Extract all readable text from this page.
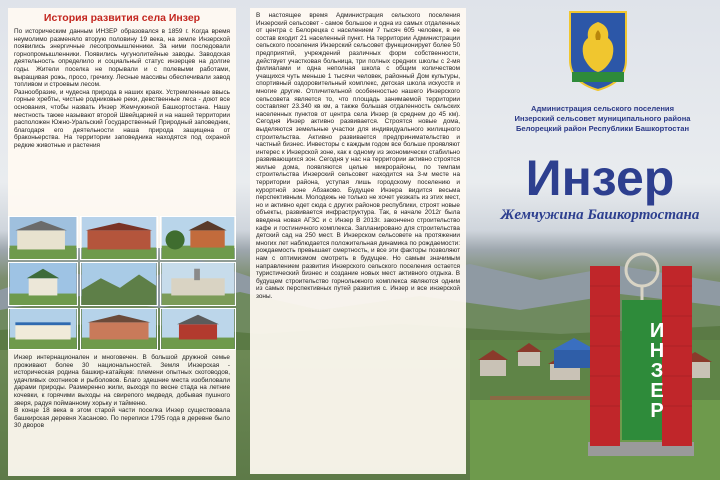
История развития села Инзер

По историческим данным ИНЗЕР образовался в 1859 г. Когда время неумолимо разменяло вторую половину 19 века, на земле Инзерской появились энергичные лесопромышленники. За ними последовали горнопромышленники. Появились чугунолитейные заводы. Заводская деятельность определило и социальный статус инзерцев на долгие годы. Жители поселка не порывали и с полевыми работами, выращивая рожь, просо, гречиху. Лесные массивы обеспечивали завод топливом и строевым лесом.

Разнообразие, и чудесна природа в наших краях. Устремленные ввысь горные хребты, чистые родниковые реки, девственные леса - доют все основания, чтобы назвать Инзер Жемчужиной Башкортостана. Нашу местность также называют второй Швейцарией и на нашей территории расположен Южно-Уральский Государственный Природный заповедник, благодаря его деятельности наша природа защищена от браконьерства. На территории заповедника находятся под охраной редкие животные и растения

Инзер интернационален и многовечен. В большой дружной семье проживают более 30 национальностей. Земля Инзерская - историческая родина башкир-катайцев: племени опытных скотоводов, удачливых охотников и рыболовов. Благо здешние места изобиловали дарами природы. Размеренно жили, выходя по весне стада на летние кочевки, к горячими выходы на свирепого медведя, добывая пушного зверя, радуя пойманному хорьку и тайменю.

В конце 18 века в этом старой части поселка Инзер существовала башкирская деревня Хасаново. По переписи 1795 года в деревне было 30 дворов

В настоящее время Администрация сельского поселения Инзерский сельсовет - самое большое и одна из самых отдаленных от центра с Белорецка с населением 7 тысяч 605 человек, в ее состав входит 21 населенный пункт. На территории Администрации сельского поселения Инзерский сельсовет функционирует более 50 предприятий, учреждений различных форм собственности, действует участковая больница, три полных средних школы с 2-мя филиалами и одна неполная школа с общим количеством учащихся чуть меньше 1 тысячи человек, районный Дом культуры, спортивный оздоровительный комплекс, детская школа искусств и многие другие. Отличительной особенностью нашего Инзерского сельсовета является то, что площадь занимаемой территории составляет 23.340 кв км, а также большая отдаленность сельских населенных пунктов от центра села Инзер (в среднем до 45 км). Сегодня Инзер активно развивается. Строятся новые дома, выделяются земельные участки для индивидуального жилищного строительства. Активно развивается предпринимательство и частный бизнес. Инвесторы с каждым годом все больше проявляют интерес к Инзерской зоне, как к одному из экономически стабильно развивающихся зон. Сегодня у нас на территории активно строятся жилые дома, появляются целые микрорайоны, по темпам строительства Инзерский сельсовет находится на 3-м месте на территории района, уступая лишь городскому поселению и курортной зоне Абзаково. Будущее Инзера видится весьма перспективным. Молодежь не только не хочет уезжать из этих мест, но и активно едет сюда с других районов республики, строят новые объекты, развивается инфраструктура. Так, в начале 2012г была введена новая АГЗС и с Инзер В 2013г. закончено строительство кафе и гостиничного комплекса. Запланировано для строительства детский сад на 250 мест. В Инзерском сельсовете на протяжении многих лет наблюдается положительная динамика по рождаемости: рождаемость превышает смертность, и все эти факторы позволяют нам с оптимизмом смотреть в будущее. Но самым значимым направлением развития Инзерского сельского поселения остается туристический бизнес и создание новых мест активного отдыха. В будущем строительство горнолыжного комплекса являются одним из самых перспективных путей развития с. Инзер и все инзерской зоны.

Администрация сельского поселения
Инзерский сельсовет муниципального района
Белорецкий район Республики Башкортостан
Инзер
Жемчужина Башкортостана
ИНЗЕР
